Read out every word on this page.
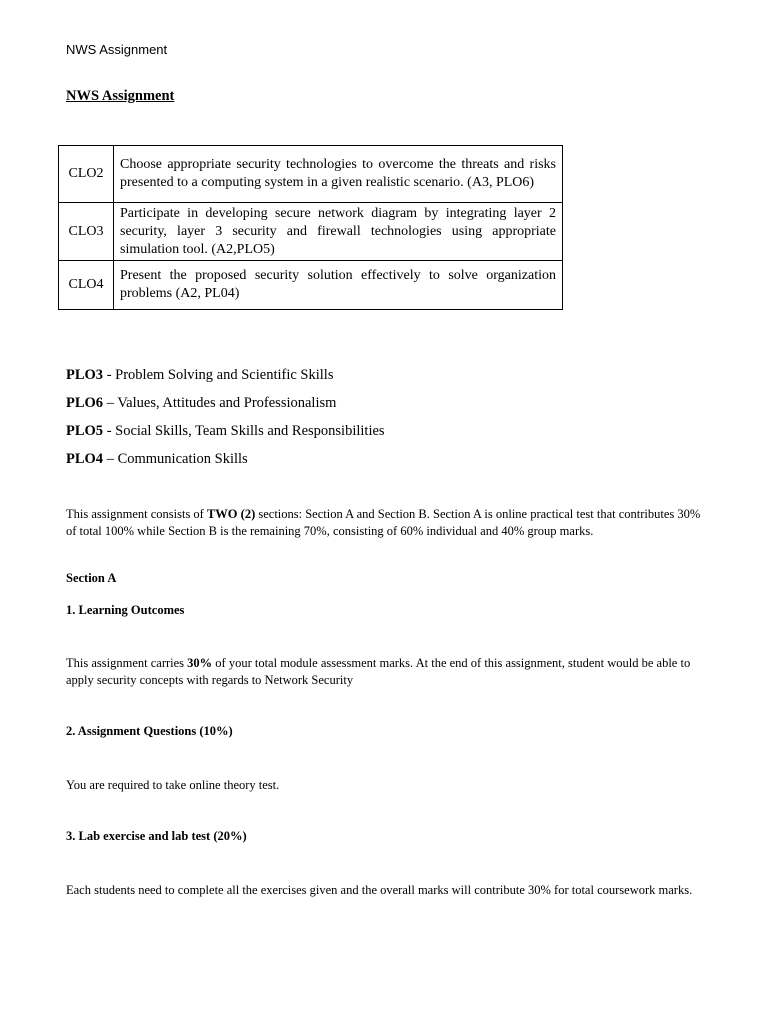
NWS Assignment
NWS Assignment
CLO2	Choose appropriate security technologies to overcome the threats and risks presented to a computing system in a given realistic scenario. (A3, PLO6)
CLO3	Participate in developing secure network diagram by integrating layer 2 security, layer 3 security and firewall technologies using appropriate simulation tool. (A2,PLO5)
CLO4	Present the proposed security solution effectively to solve organization problems (A2, PL04)
PLO3 - Problem Solving and Scientific Skills
PLO6 – Values, Attitudes and Professionalism
PLO5 - Social Skills, Team Skills and Responsibilities
PLO4 – Communication Skills
This assignment consists of TWO (2) sections: Section A and Section B. Section A is online practical test that contributes 30% of total 100% while Section B is the remaining 70%, consisting of 60% individual and 40% group marks.
Section A
1. Learning Outcomes
This assignment carries 30% of your total module assessment marks. At the end of this assignment, student would be able to apply security concepts with regards to Network Security
2. Assignment Questions (10%)
You are required to take online theory test.
3. Lab exercise and lab test (20%)
Each students need to complete all the exercises given and the overall marks will contribute 30% for total coursework marks.
